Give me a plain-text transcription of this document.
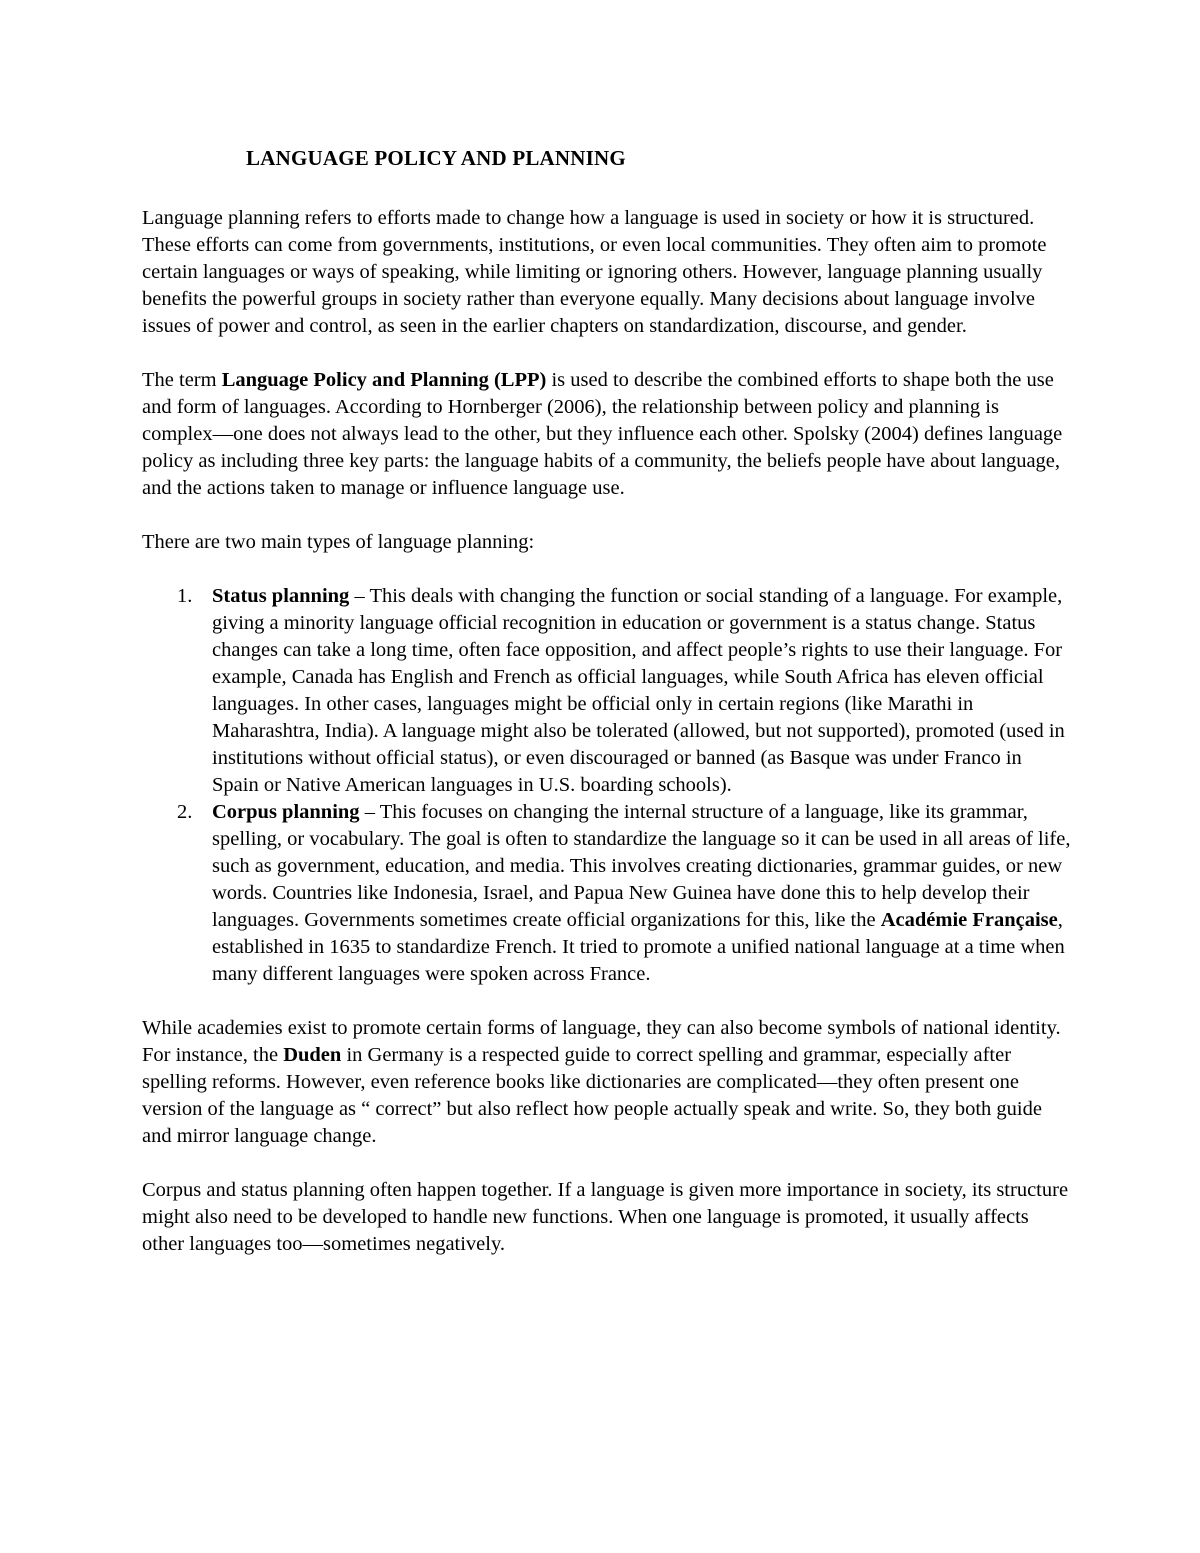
LANGUAGE POLICY AND PLANNING

Language planning refers to efforts made to change how a language is used in society or how it is structured. These efforts can come from governments, institutions, or even local communities. They often aim to promote certain languages or ways of speaking, while limiting or ignoring others. However, language planning usually benefits the powerful groups in society rather than everyone equally. Many decisions about language involve issues of power and control, as seen in the earlier chapters on standardization, discourse, and gender.

The term Language Policy and Planning (LPP) is used to describe the combined efforts to shape both the use and form of languages. According to Hornberger (2006), the relationship between policy and planning is complex—one does not always lead to the other, but they influence each other. Spolsky (2004) defines language policy as including three key parts: the language habits of a community, the beliefs people have about language, and the actions taken to manage or influence language use.

There are two main types of language planning:

1. Status planning – This deals with changing the function or social standing of a language. For example, giving a minority language official recognition in education or government is a status change. Status changes can take a long time, often face opposition, and affect people’s rights to use their language. For example, Canada has English and French as official languages, while South Africa has eleven official languages. In other cases, languages might be official only in certain regions (like Marathi in Maharashtra, India). A language might also be tolerated (allowed, but not supported), promoted (used in institutions without official status), or even discouraged or banned (as Basque was under Franco in Spain or Native American languages in U.S. boarding schools).
2. Corpus planning – This focuses on changing the internal structure of a language, like its grammar, spelling, or vocabulary. The goal is often to standardize the language so it can be used in all areas of life, such as government, education, and media. This involves creating dictionaries, grammar guides, or new words. Countries like Indonesia, Israel, and Papua New Guinea have done this to help develop their languages. Governments sometimes create official organizations for this, like the Académie Française, established in 1635 to standardize French. It tried to promote a unified national language at a time when many different languages were spoken across France.

While academies exist to promote certain forms of language, they can also become symbols of national identity. For instance, the Duden in Germany is a respected guide to correct spelling and grammar, especially after spelling reforms. However, even reference books like dictionaries are complicated—they often present one version of the language as “ correct” but also reflect how people actually speak and write. So, they both guide and mirror language change.

Corpus and status planning often happen together. If a language is given more importance in society, its structure might also need to be developed to handle new functions. When one language is promoted, it usually affects other languages too—sometimes negatively.
